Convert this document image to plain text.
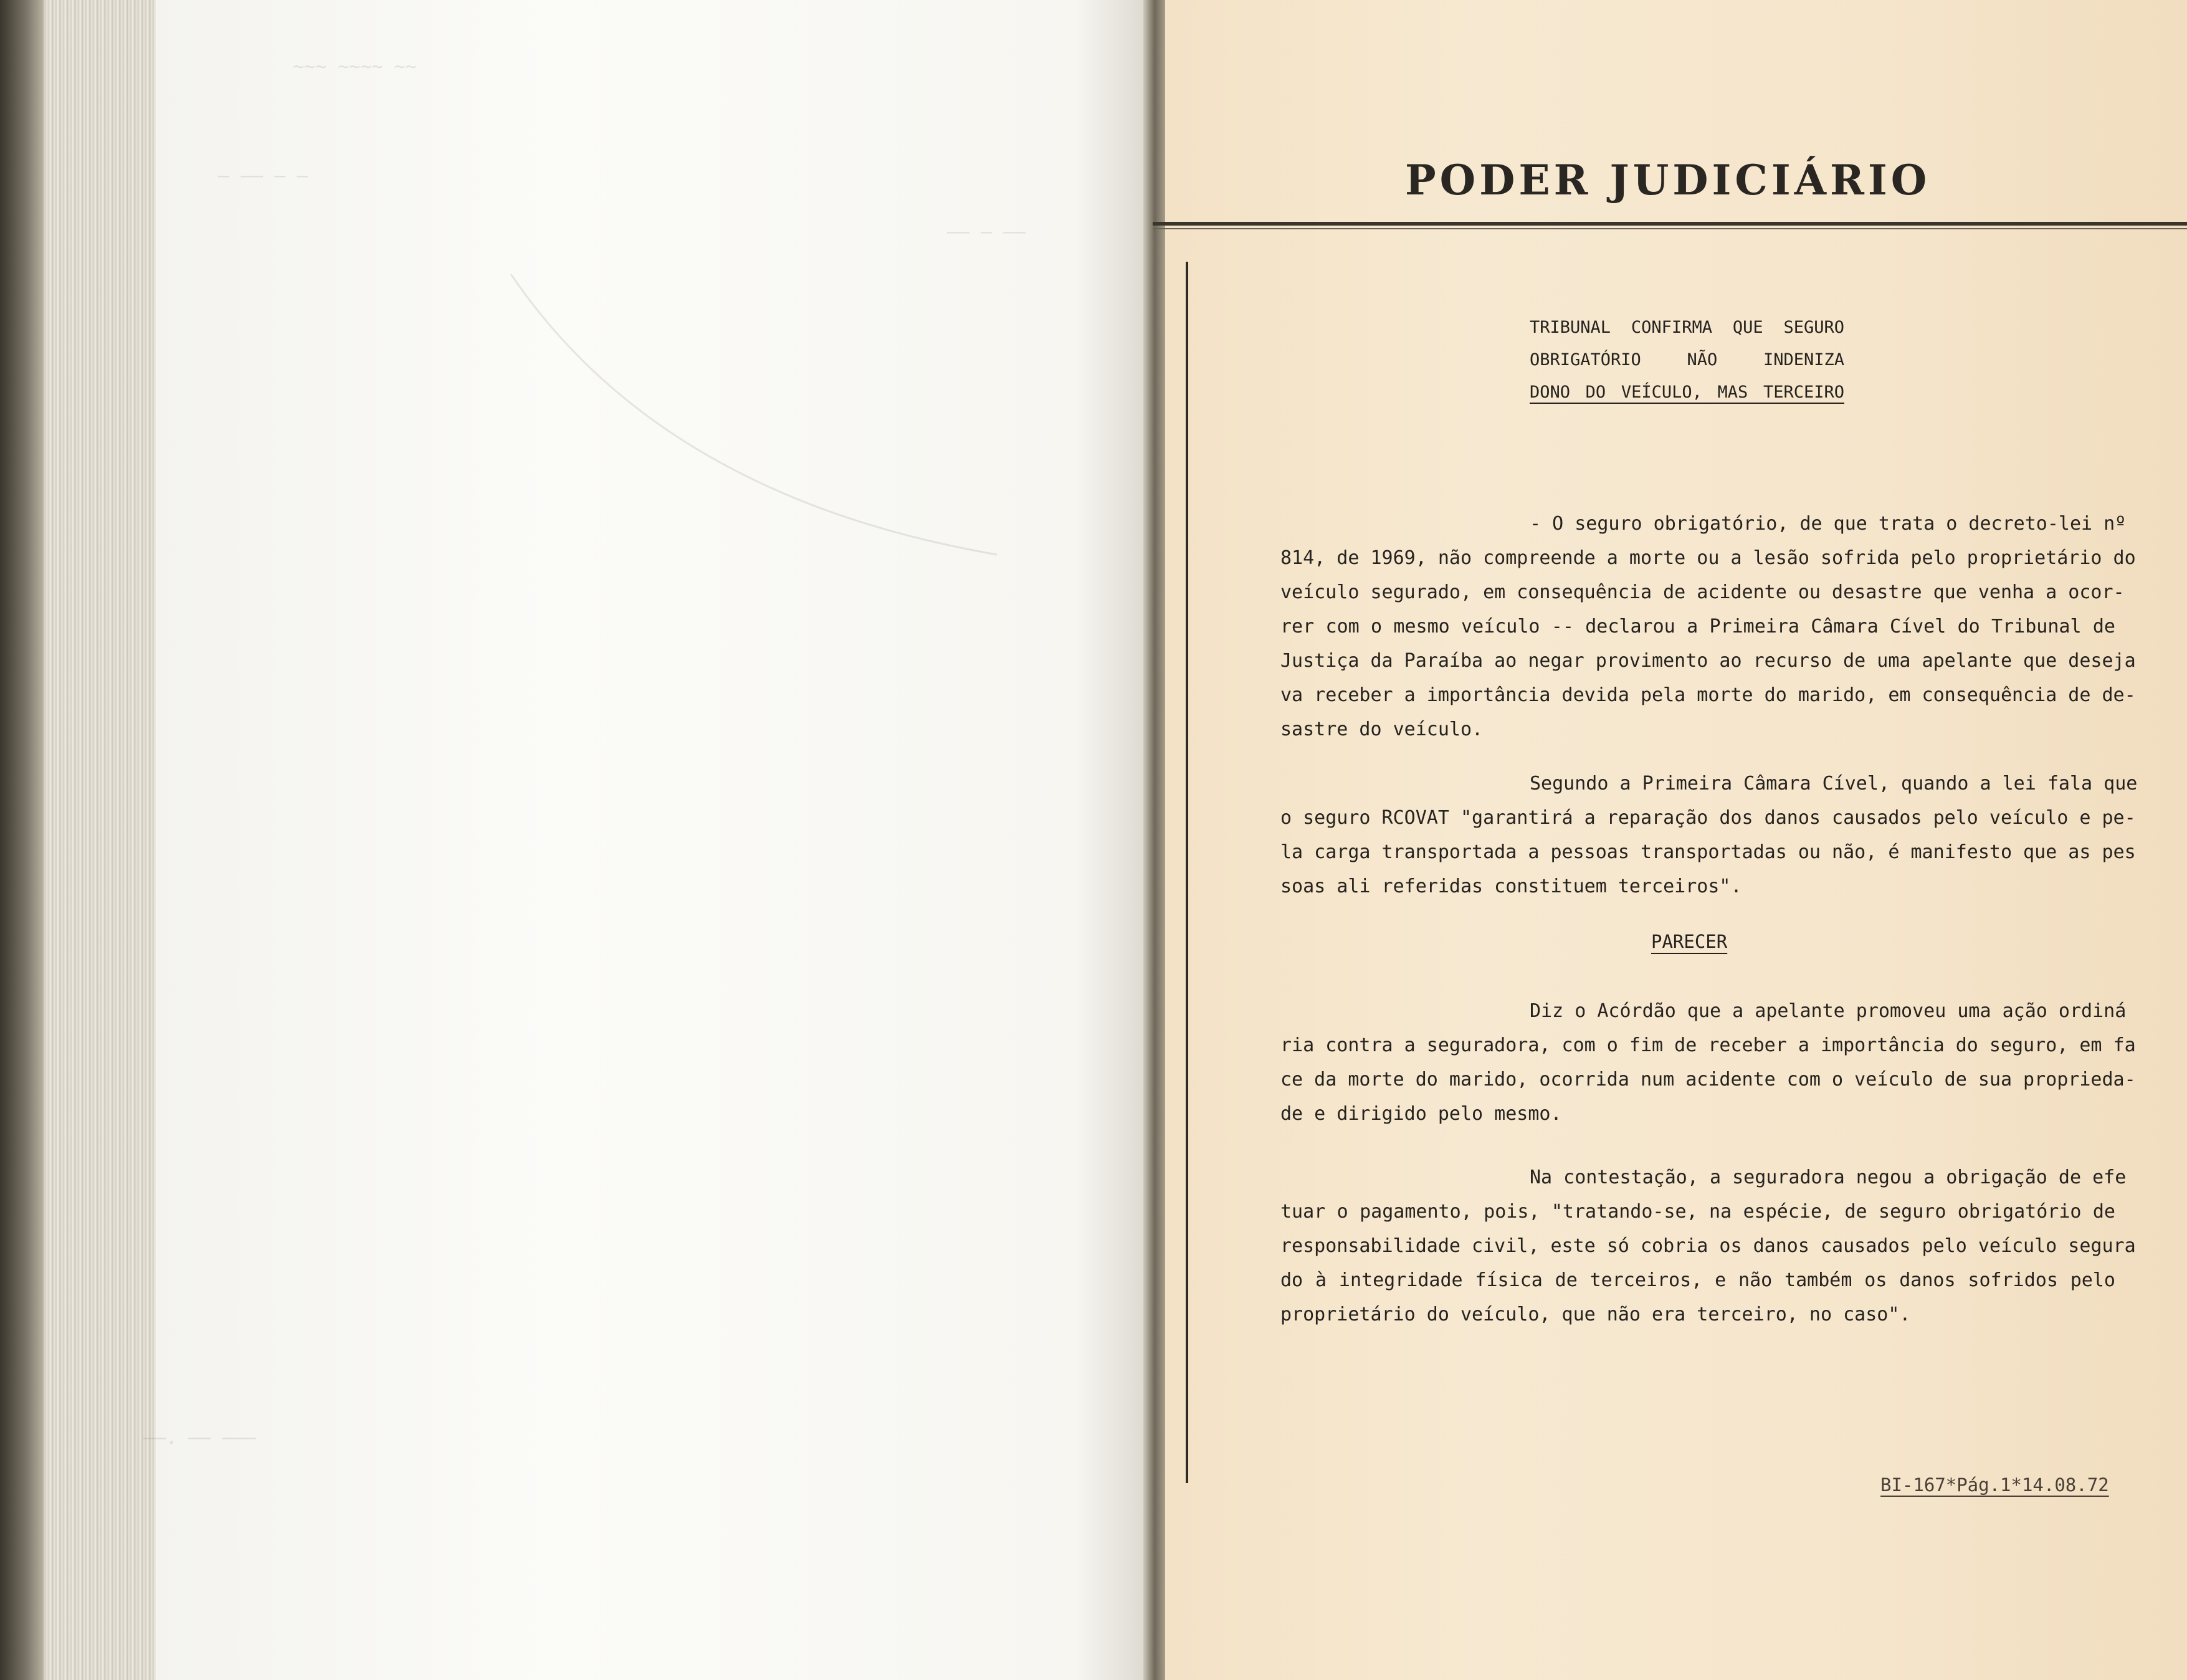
~~~ ~~~~ ~~
— —— — —
—— — ——
——. —— ———
PODER JUDICIÁRIO
TRIBUNAL CONFIRMA QUE SEGURO
OBRIGATÓRIO NÃO INDENIZA
DONO DO VEÍCULO, MAS TERCEIRO
- O seguro obrigatório, de que trata o decreto-lei nº
814, de 1969, não compreende a morte ou a lesão sofrida pelo proprietário do
veículo segurado, em consequência de acidente ou desastre que venha a ocor-
rer com o mesmo veículo -- declarou a Primeira Câmara Cível do Tribunal de
Justiça da Paraíba ao negar provimento ao recurso de uma apelante que deseja
va receber a importância devida pela morte do marido, em consequência de de-
sastre do veículo.
Segundo a Primeira Câmara Cível, quando a lei fala que
o seguro RCOVAT "garantirá a reparação dos danos causados pelo veículo e pe-
la carga transportada a pessoas transportadas ou não, é manifesto que as pes
soas ali referidas constituem terceiros".
PARECER
Diz o Acórdão que a apelante promoveu uma ação ordiná
ria contra a seguradora, com o fim de receber a importância do seguro, em fa
ce da morte do marido, ocorrida num acidente com o veículo de sua proprieda-
de e dirigido pelo mesmo.
Na contestação, a seguradora negou a obrigação de efe
tuar o pagamento, pois, "tratando-se, na espécie, de seguro obrigatório de
responsabilidade civil, este só cobria os danos causados pelo veículo segura
do à integridade física de terceiros, e não também os danos sofridos pelo
proprietário do veículo, que não era terceiro, no caso".
BI-167*Pág.1*14.08.72
